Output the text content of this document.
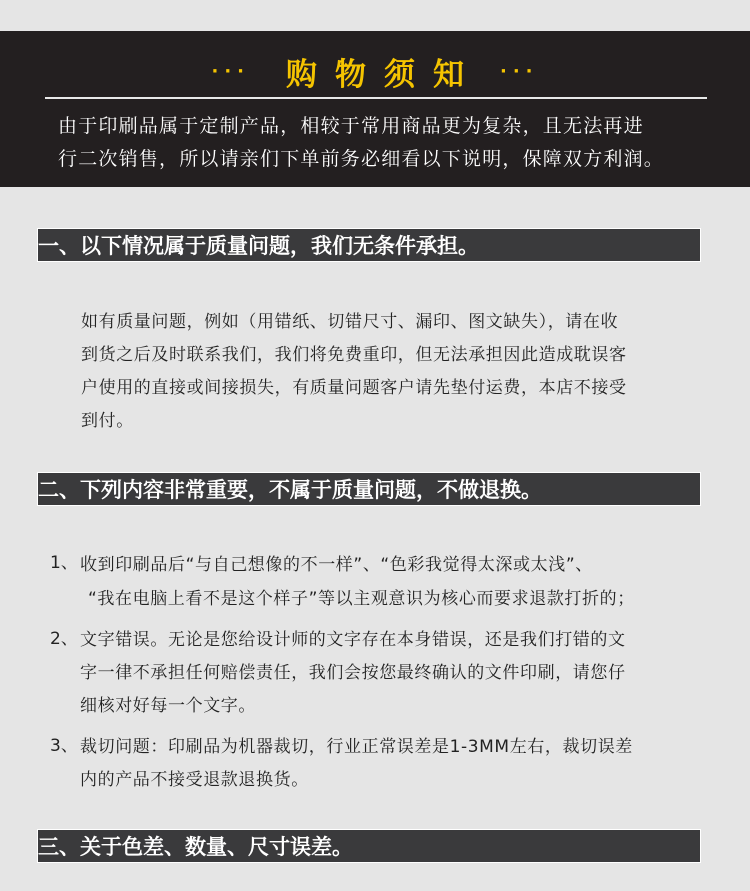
··· 购物须知 ···
由于印刷品属于定制产品，相较于常用商品更为复杂，且无法再进
行二次销售，所以请亲们下单前务必细看以下说明，保障双方利润。
一、以下情况属于质量问题，我们无条件承担。
如有质量问题，例如（用错纸、切错尺寸、漏印、图文缺失），请在收
到货之后及时联系我们，我们将免费重印，但无法承担因此造成耽误客
户使用的直接或间接损失，有质量问题客户请先垫付运费，本店不接受
到付。
二、下列内容非常重要，不属于质量问题，不做退换。
1、 收到印刷品后“与自己想像的不一样”、“色彩我觉得太深或太浅”、
“我在电脑上看不是这个样子”等以主观意识为核心而要求退款打折的；
2、 文字错误。无论是您给设计师的文字存在本身错误，还是我们打错的文
字一律不承担任何赔偿责任，我们会按您最终确认的文件印刷，请您仔
细核对好每一个文字。
3、 裁切问题：印刷品为机器裁切，行业正常误差是1-3MM左右，裁切误差
内的产品不接受退款退换货。
三、关于色差、数量、尺寸误差。
